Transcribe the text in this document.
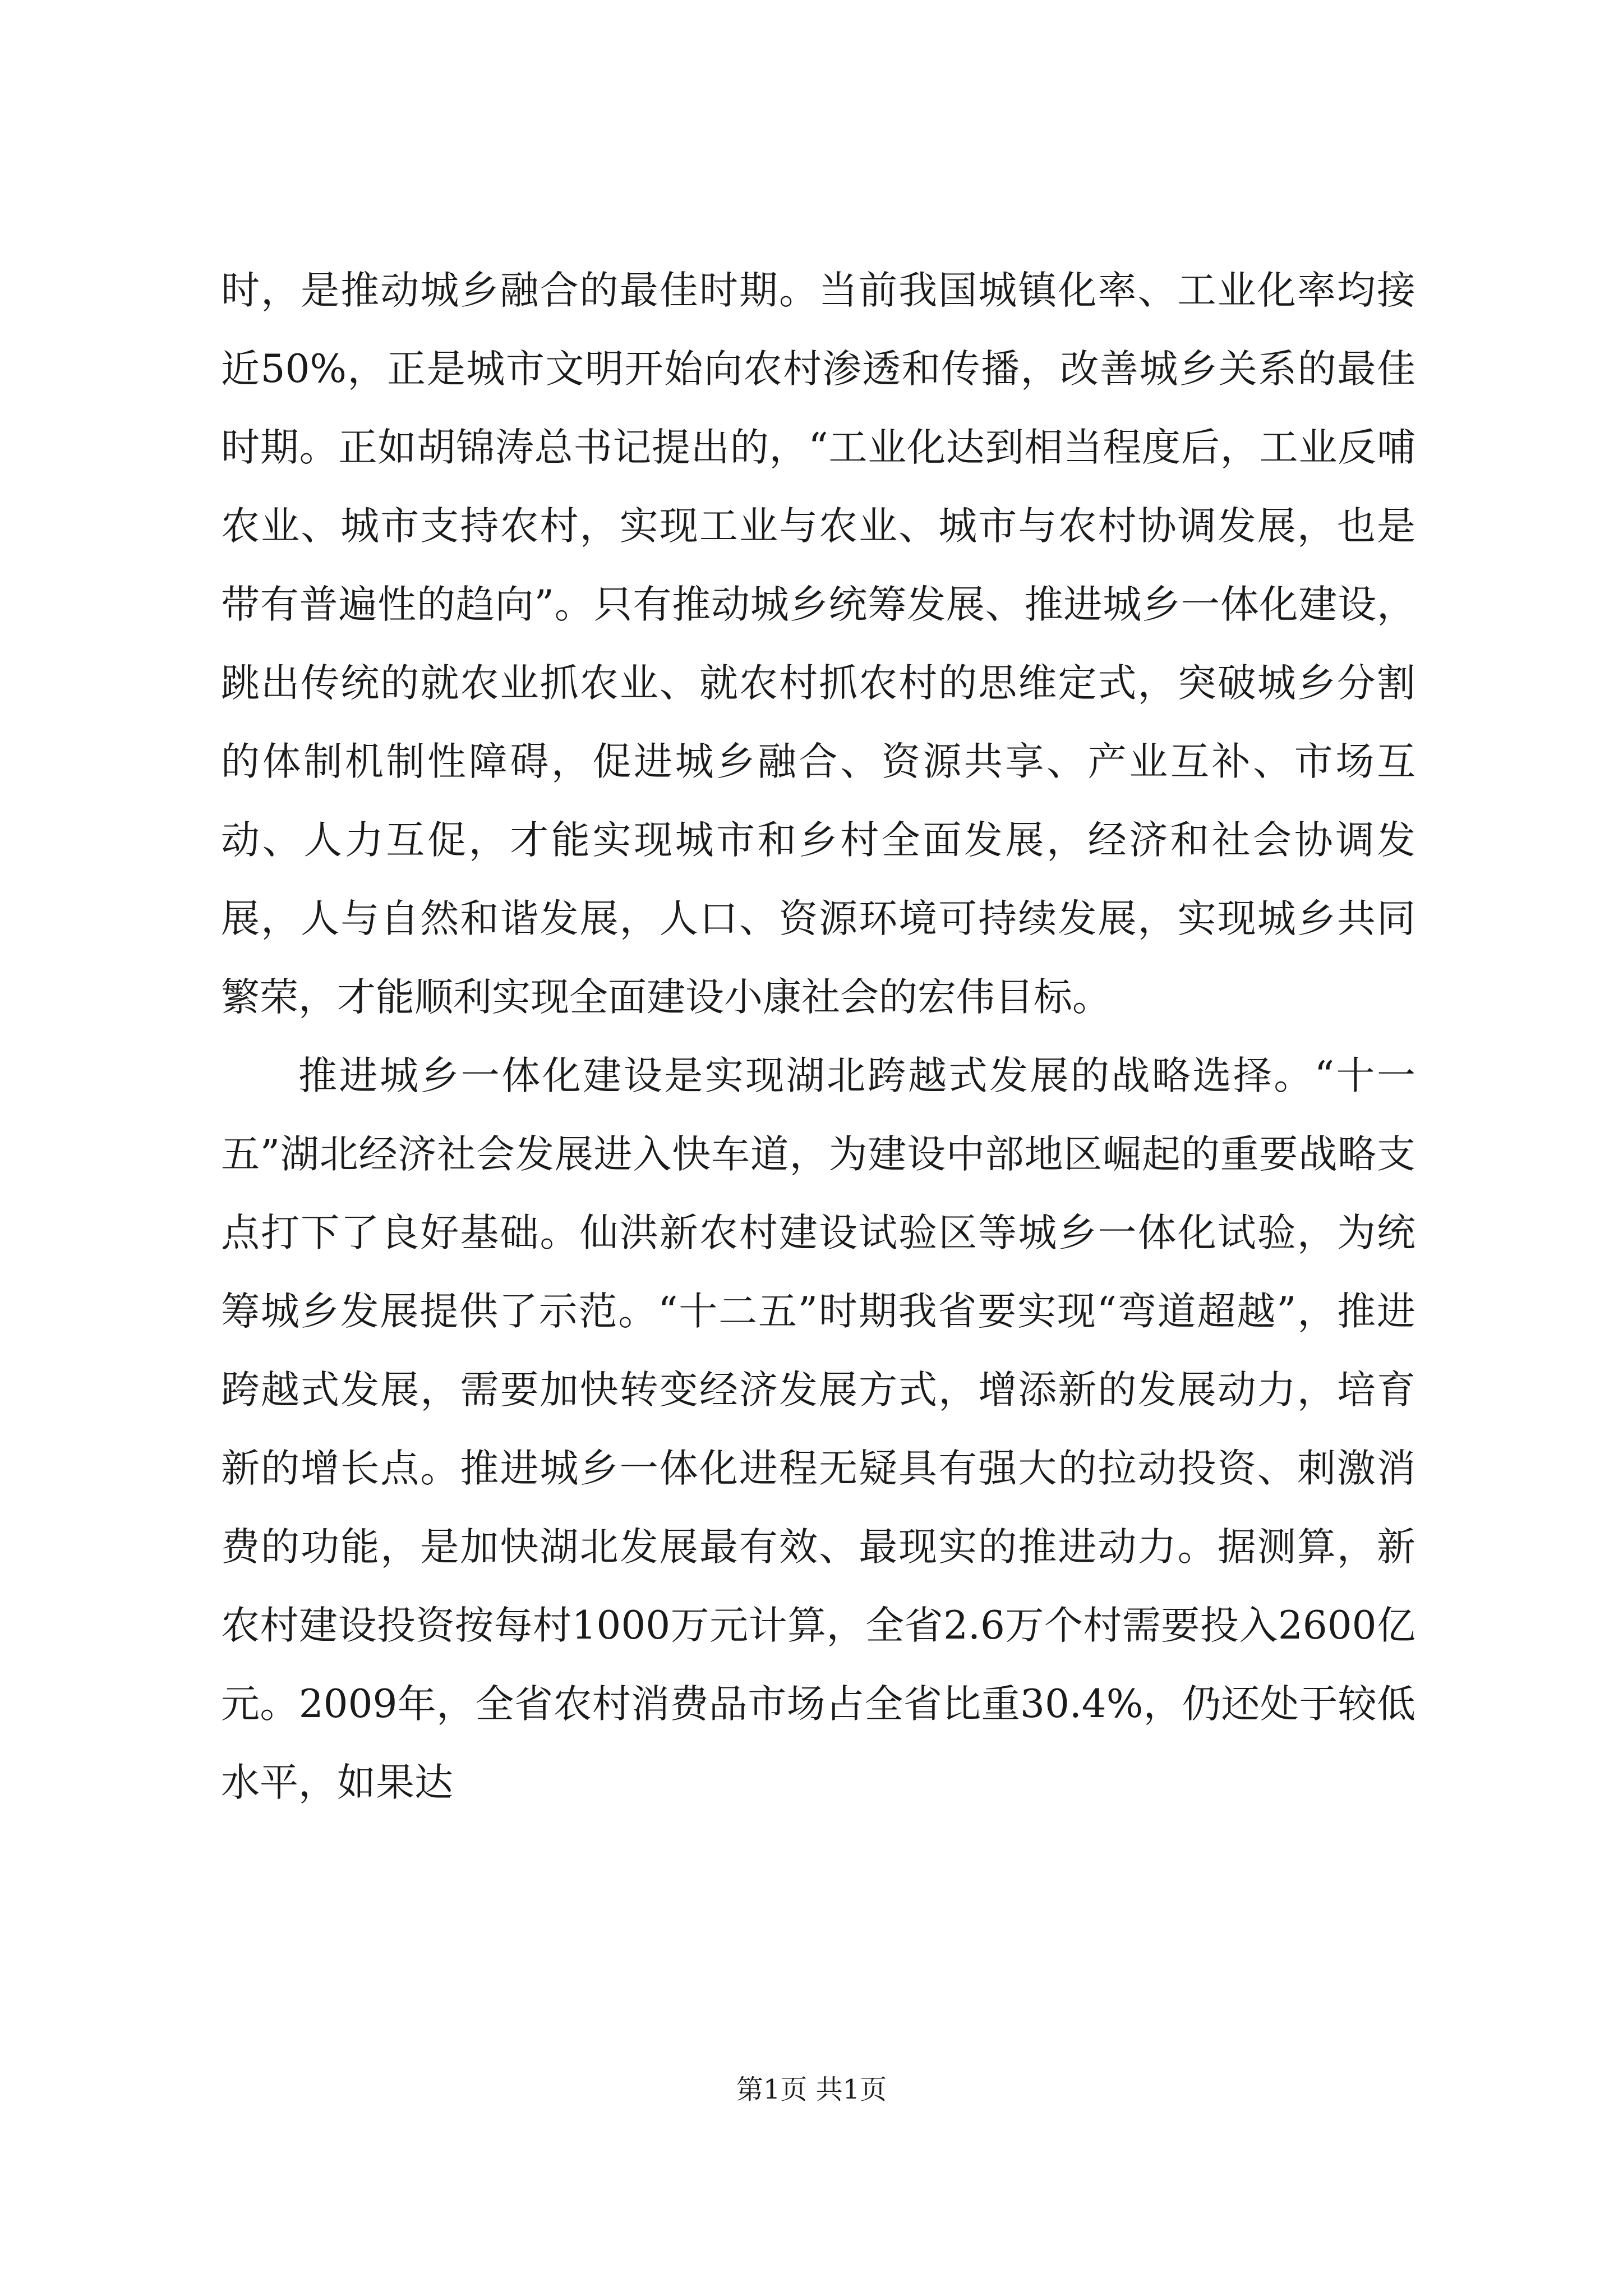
时，是推动城乡融合的最佳时期。当前我国城镇化率、工业化率均接近50%，正是城市文明开始向农村渗透和传播，改善城乡关系的最佳时期。正如胡锦涛总书记提出的，“工业化达到相当程度后，工业反哺农业、城市支持农村，实现工业与农业、城市与农村协调发展，也是带有普遍性的趋向”。只有推动城乡统筹发展、推进城乡一体化建设，跳出传统的就农业抓农业、就农村抓农村的思维定式，突破城乡分割的体制机制性障碍，促进城乡融合、资源共享、产业互补、市场互动、人力互促，才能实现城市和乡村全面发展，经济和社会协调发展，人与自然和谐发展，人口、资源环境可持续发展，实现城乡共同繁荣，才能顺利实现全面建设小康社会的宏伟目标。

推进城乡一体化建设是实现湖北跨越式发展的战略选择。“十一五”湖北经济社会发展进入快车道，为建设中部地区崛起的重要战略支点打下了良好基础。仙洪新农村建设试验区等城乡一体化试验，为统筹城乡发展提供了示范。“十二五”时期我省要实现“弯道超越”，推进跨越式发展，需要加快转变经济发展方式，增添新的发展动力，培育新的增长点。推进城乡一体化进程无疑具有强大的拉动投资、刺激消费的功能，是加快湖北发展最有效、最现实的推进动力。据测算，新农村建设投资按每村1000万元计算，全省2.6万个村需要投入2600亿元。2009年，全省农村消费品市场占全省比重30.4%，仍还处于较低水平，如果达

第1页 共1页
